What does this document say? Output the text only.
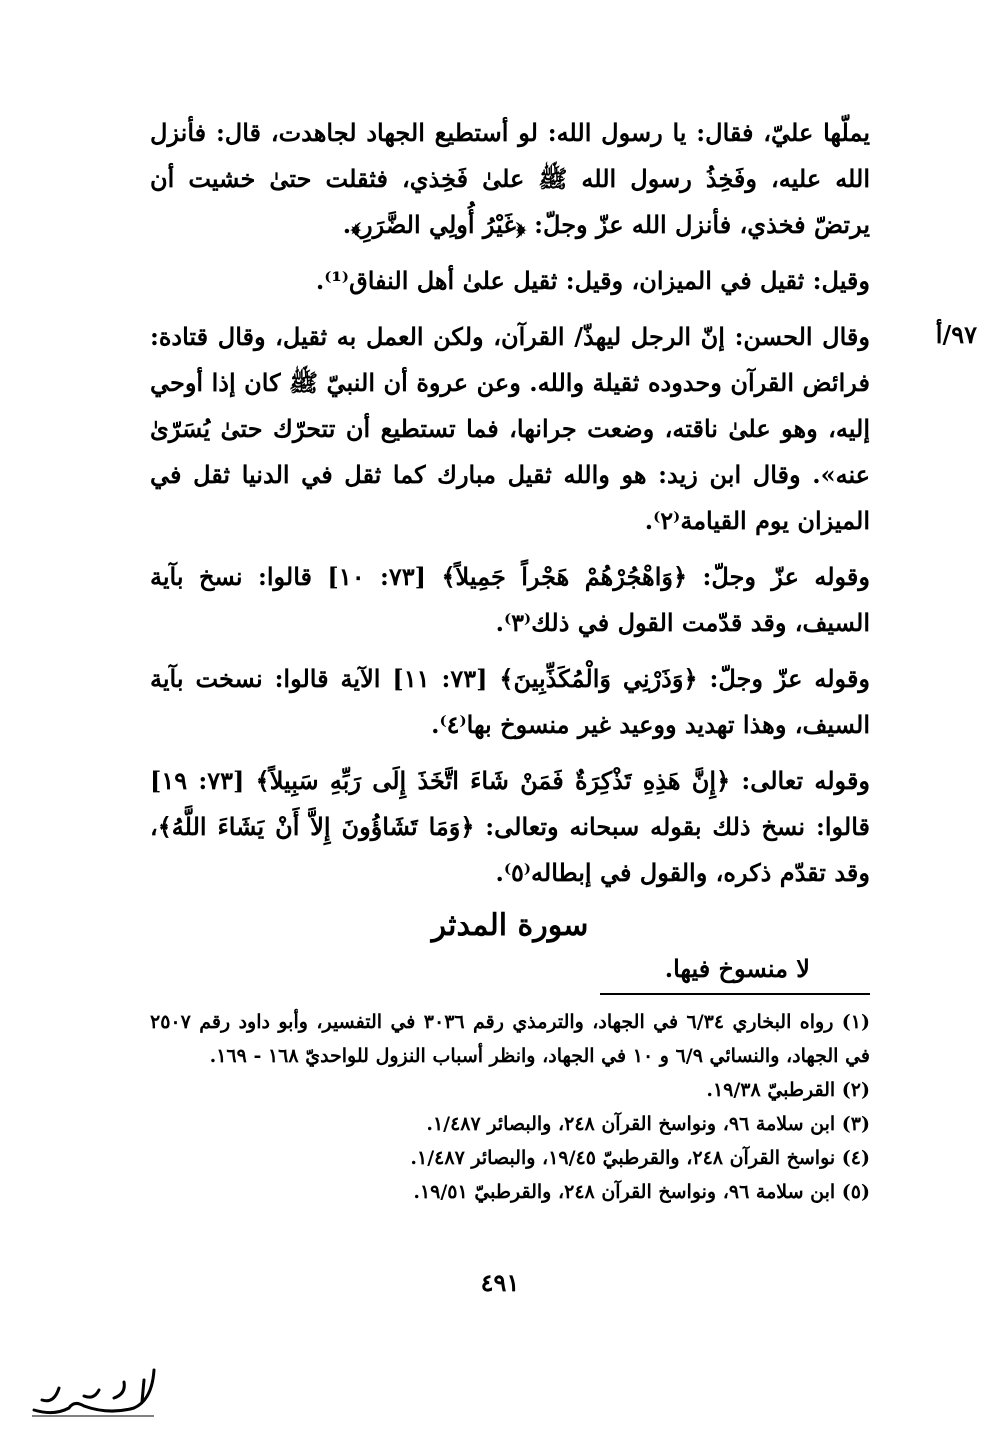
٩٧/أ

يملّها عليّ، فقال: يا رسول الله: لو أستطيع الجهاد لجاهدت، قال: فأنزل الله عليه، وفَخِذُ رسول الله ﷺ علىٰ فَخِذي، فثقلت حتىٰ خشيت أن يرتضّ فخذي، فأنزل الله عزّ وجلّ: ﴿غَيْرُ أُولِي الضَّرَرِ﴾.

وقيل: ثقيل في الميزان، وقيل: ثقيل علىٰ أهل النفاق⁽¹⁾.

وقال الحسن: إنّ الرجل ليهذّ/ القرآن، ولكن العمل به ثقيل، وقال قتادة: فرائض القرآن وحدوده ثقيلة والله. وعن عروة أن النبيّ ﷺ كان إذا أوحي إليه، وهو علىٰ ناقته، وضعت جرانها، فما تستطيع أن تتحرّك حتىٰ يُسَرّىٰ عنه». وقال ابن زيد: هو والله ثقيل مبارك كما ثقل في الدنيا ثقل في الميزان يوم القيامة⁽٢⁾.

وقوله عزّ وجلّ: ﴿وَاهْجُرْهُمْ هَجْراً جَمِيلاً﴾ [٧٣: ١٠] قالوا: نسخ بآية السيف، وقد قدّمت القول في ذلك⁽٣⁾.

وقوله عزّ وجلّ: ﴿وَذَرْنِي وَالْمُكَذِّبِينَ﴾ [٧٣: ١١] الآية قالوا: نسخت بآية السيف، وهذا تهديد ووعيد غير منسوخ بها⁽٤⁾.

وقوله تعالى: ﴿إِنَّ هَذِهِ تَذْكِرَةٌ فَمَنْ شَاءَ اتَّخَذَ إِلَى رَبِّهِ سَبِيلاً﴾ [٧٣: ١٩] قالوا: نسخ ذلك بقوله سبحانه وتعالى: ﴿وَمَا تَشَاؤُونَ إِلاَّ أَنْ يَشَاءَ اللَّهُ﴾، وقد تقدّم ذكره، والقول في إبطاله⁽٥⁾.

سورة المدثر
لا منسوخ فيها.

(١) رواه البخاري ٦/٣٤ في الجهاد، والترمذي رقم ٣٠٣٦ في التفسير، وأبو داود رقم ٢٥٠٧ في الجهاد، والنسائي ٦/٩ و ١٠ في الجهاد، وانظر أسباب النزول للواحديّ ١٦٨ - ١٦٩.

(٢) القرطبيّ ١٩/٣٨.

(٣) ابن سلامة ٩٦، ونواسخ القرآن ٢٤٨، والبصائر ١/٤٨٧.

(٤) نواسخ القرآن ٢٤٨، والقرطبيّ ١٩/٤٥، والبصائر ١/٤٨٧.

(٥) ابن سلامة ٩٦، ونواسخ القرآن ٢٤٨، والقرطبيّ ١٩/٥١.

٤٩١
